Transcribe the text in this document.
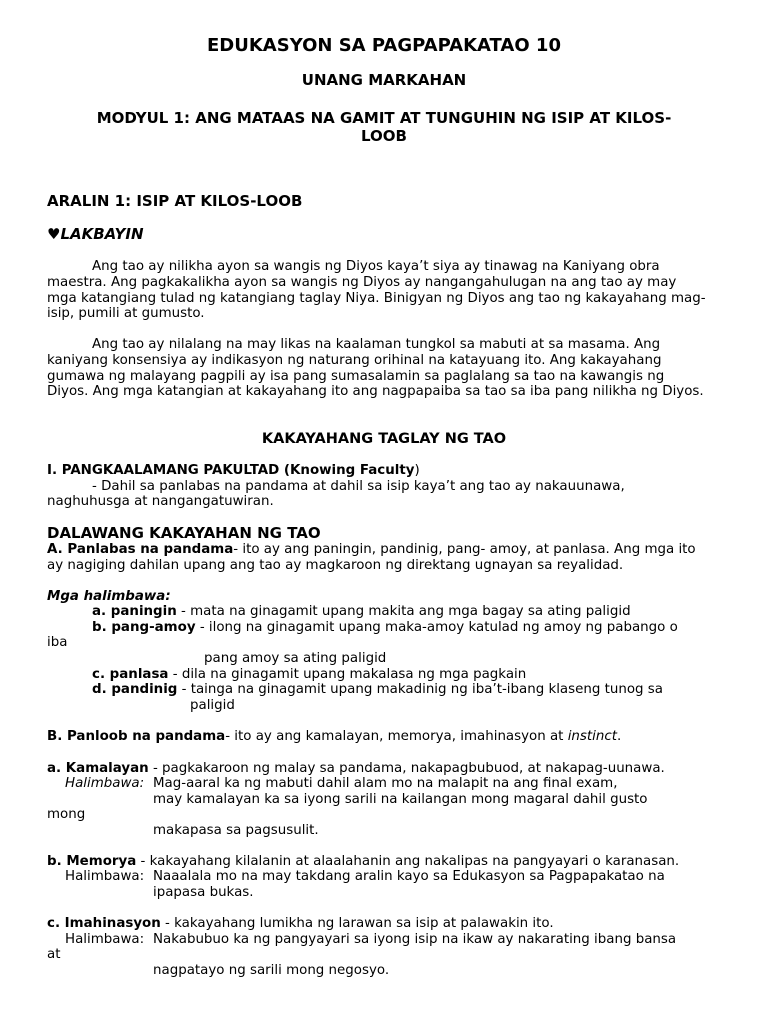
EDUKASYON SA PAGPAPAKATAO 10
UNANG MARKAHAN
MODYUL 1: ANG MATAAS NA GAMIT AT TUNGUHIN NG ISIP AT KILOS-
LOOB
ARALIN 1: ISIP AT KILOS-LOOB
♥LAKBAYIN
Ang tao ay nilikha ayon sa wangis ng Diyos kaya’t siya ay tinawag na Kaniyang obra maestra. Ang pagkakalikha ayon sa wangis ng Diyos ay nangangahulugan na ang tao ay may mga katangiang tulad ng katangiang taglay Niya. Binigyan ng Diyos ang tao ng kakayahang mag-isip, pumili at gumusto.
Ang tao ay nilalang na may likas na kaalaman tungkol sa mabuti at sa masama. Ang kaniyang konsensiya ay indikasyon ng naturang orihinal na katayuang ito. Ang kakayahang gumawa ng malayang pagpili ay isa pang sumasalamin sa paglalang sa tao na kawangis ng Diyos. Ang mga katangian at kakayahang ito ang nagpapaiba sa tao sa iba pang nilikha ng Diyos.
KAKAYAHANG TAGLAY NG TAO
I. PANGKAALAMANG PAKULTAD (Knowing Faculty)
- Dahil sa panlabas na pandama at dahil sa isip kaya’t ang tao ay nakauunawa,
naghuhusga at nangangatuwiran.
DALAWANG KAKAYAHAN NG TAO
A. Panlabas na pandama- ito ay ang paningin, pandinig, pang- amoy, at panlasa. Ang mga ito ay nagiging dahilan upang ang tao ay magkaroon ng direktang ugnayan sa reyalidad.
Mga halimbawa:
a. paningin - mata na ginagamit upang makita ang mga bagay sa ating paligid
b. pang-amoy - ilong na ginagamit upang maka-amoy katulad ng amoy ng pabango o
iba
pang amoy sa ating paligid
c. panlasa - dila na ginagamit upang makalasa ng mga pagkain
d. pandinig - tainga na ginagamit upang makadinig ng iba’t-ibang klaseng tunog sa
paligid
B. Panloob na pandama- ito ay ang kamalayan, memorya, imahinasyon at instinct.
a. Kamalayan - pagkakaroon ng malay sa pandama, nakapagbubuod, at nakapag-uunawa.
Halimbawa: Mag-aaral ka ng mabuti dahil alam mo na malapit na ang final exam,
may kamalayan ka sa iyong sarili na kailangan mong magaral dahil gusto
mong
makapasa sa pagsusulit.
b. Memorya - kakayahang kilalanin at alaalahanin ang nakalipas na pangyayari o karanasan.
Halimbawa: Naaalala mo na may takdang aralin kayo sa Edukasyon sa Pagpapakatao na
ipapasa bukas.
c. Imahinasyon - kakayahang lumikha ng larawan sa isip at palawakin ito.
Halimbawa: Nakabubuo ka ng pangyayari sa iyong isip na ikaw ay nakarating ibang bansa
at
nagpatayo ng sarili mong negosyo.
